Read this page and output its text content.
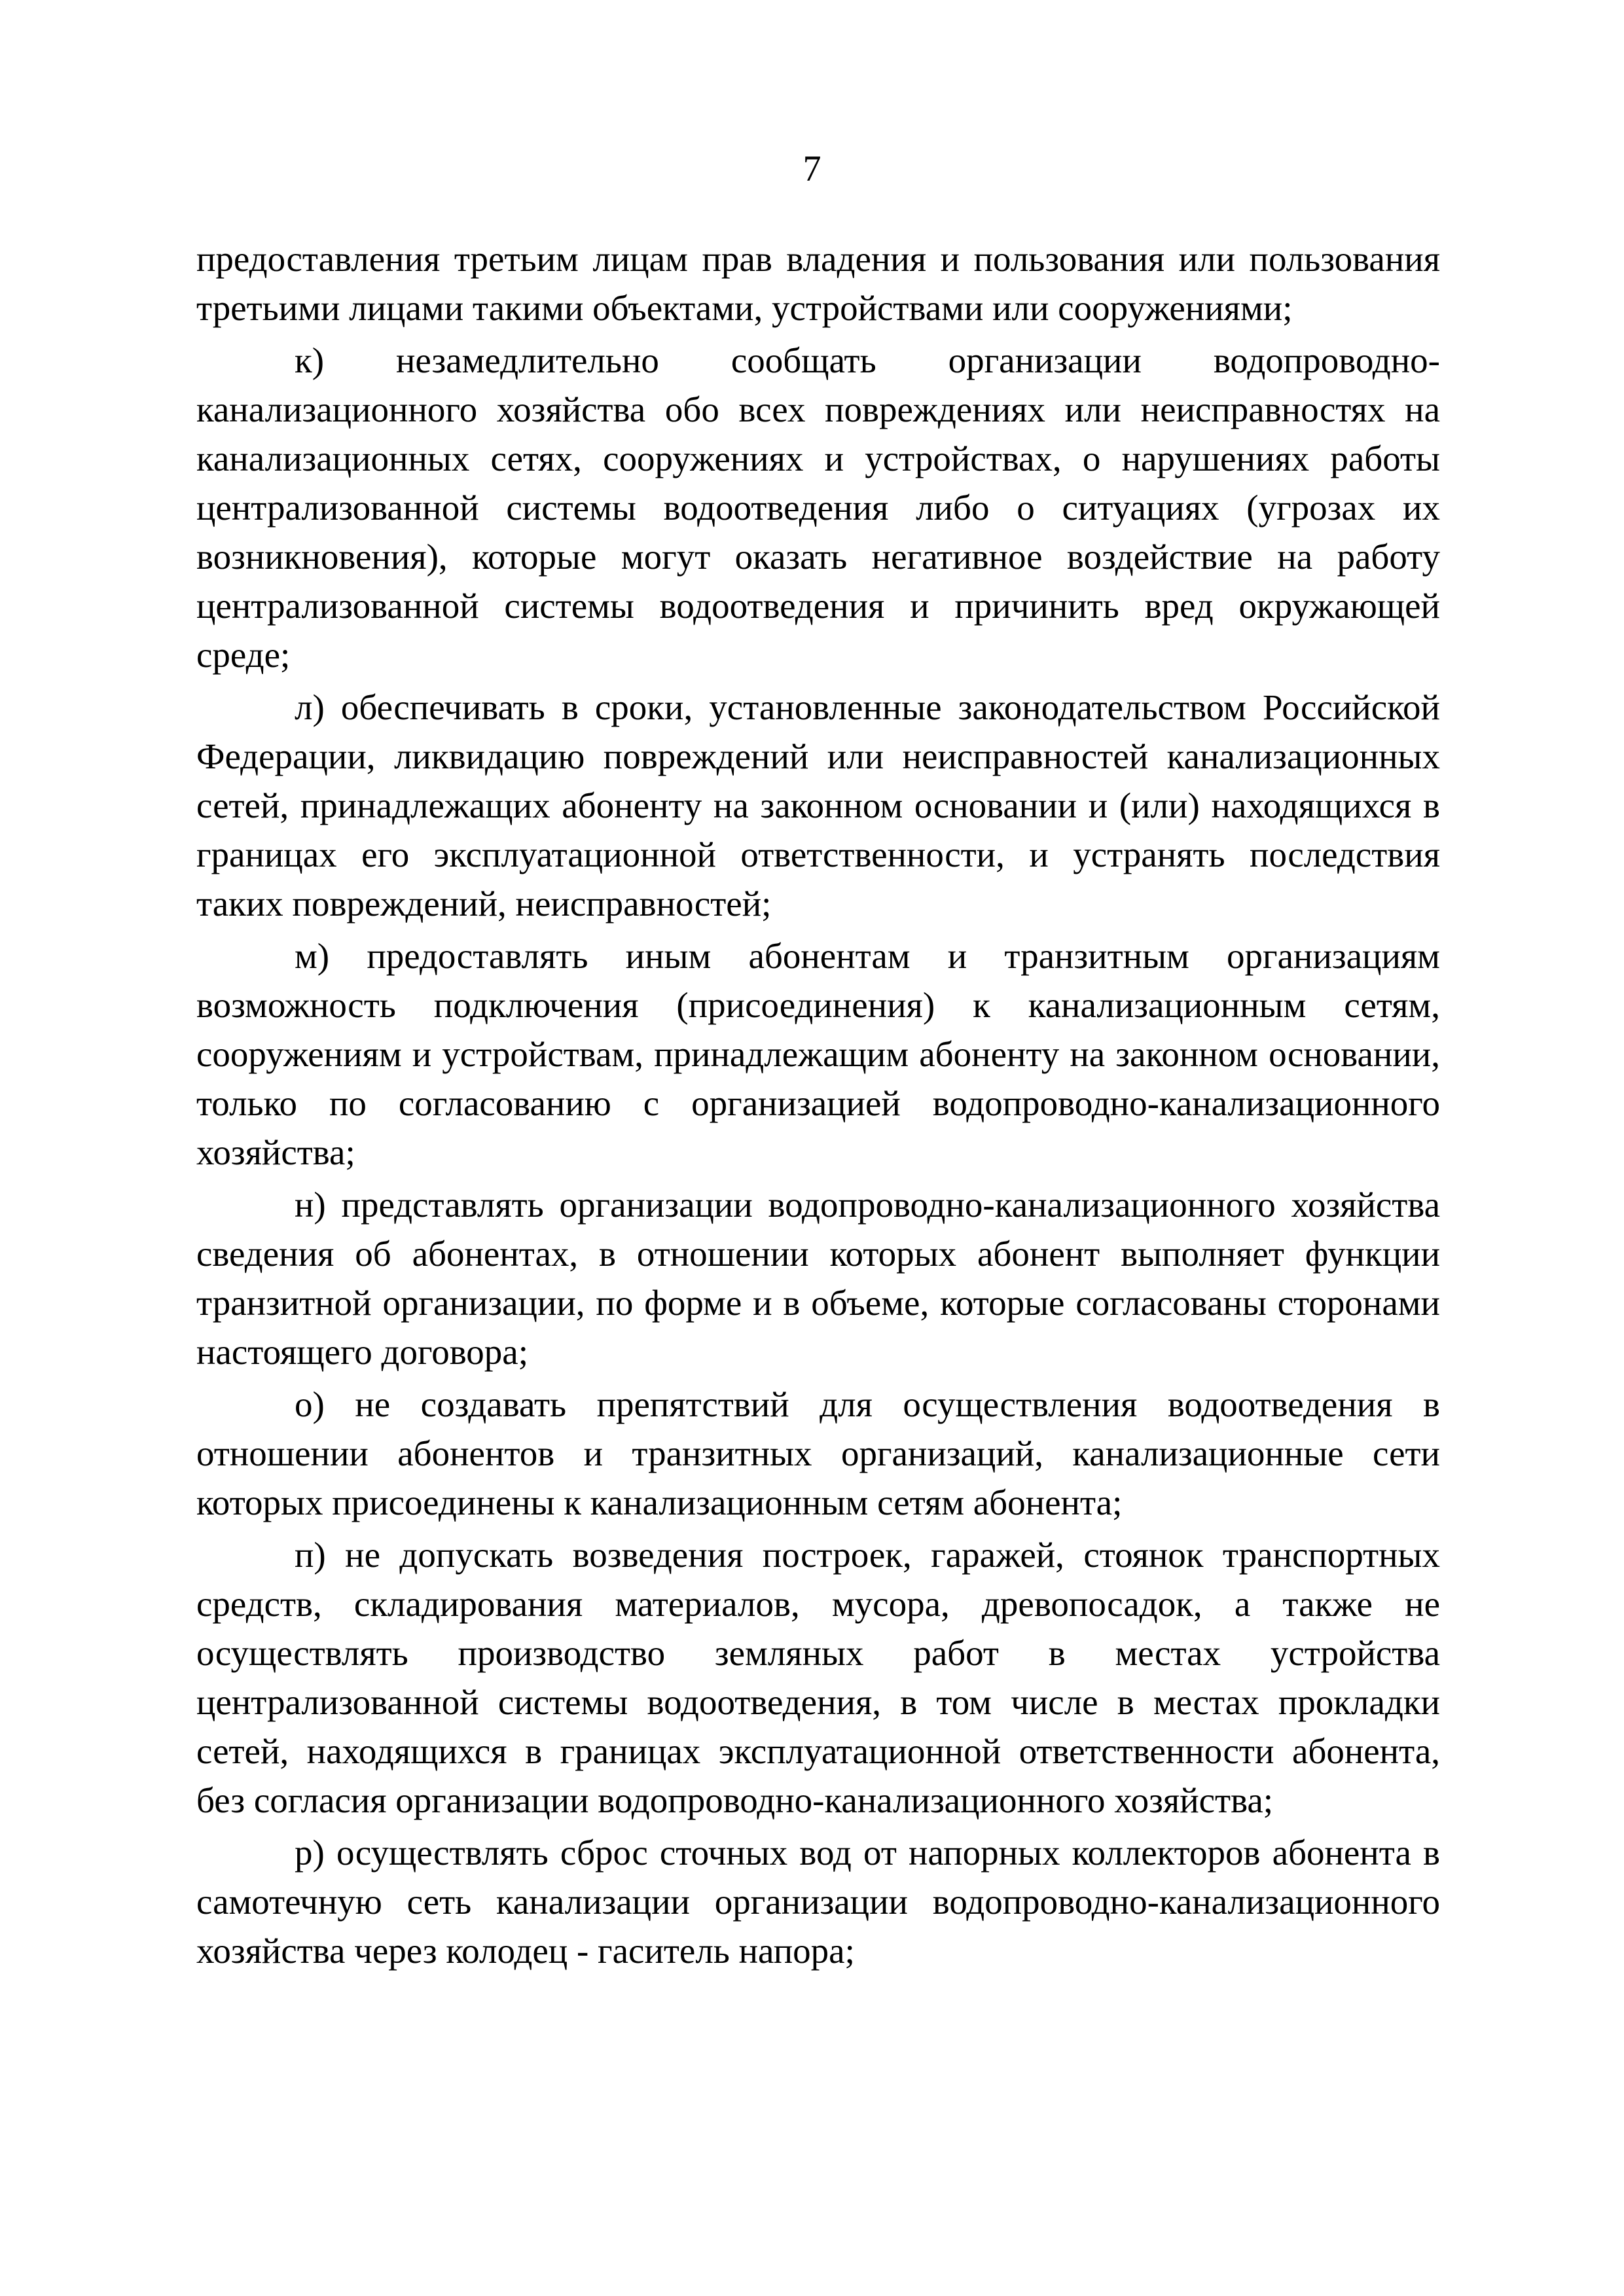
7

предоставления третьим лицам прав владения и пользования или пользования третьими лицами такими объектами, устройствами или сооружениями;

к) незамедлительно сообщать организации водопроводно-канализационного хозяйства обо всех повреждениях или неисправностях на канализационных сетях, сооружениях и устройствах, о нарушениях работы централизованной системы водоотведения либо о ситуациях (угрозах их возникновения), которые могут оказать негативное воздействие на работу централизованной системы водоотведения и причинить вред окружающей среде;

л) обеспечивать в сроки, установленные законодательством Российской Федерации, ликвидацию повреждений или неисправностей канализационных сетей, принадлежащих абоненту на законном основании и (или) находящихся в границах его эксплуатационной ответственности, и устранять последствия таких повреждений, неисправностей;

м) предоставлять иным абонентам и транзитным организациям возможность подключения (присоединения) к канализационным сетям, сооружениям и устройствам, принадлежащим абоненту на законном основании, только по согласованию с организацией водопроводно-канализационного хозяйства;

н) представлять организации водопроводно-канализационного хозяйства сведения об абонентах, в отношении которых абонент выполняет функции транзитной организации, по форме и в объеме, которые согласованы сторонами настоящего договора;

о) не создавать препятствий для осуществления водоотведения в отношении абонентов и транзитных организаций, канализационные сети которых присоединены к канализационным сетям абонента;

п) не допускать возведения построек, гаражей, стоянок транспортных средств, складирования материалов, мусора, древопосадок, а также не осуществлять производство земляных работ в местах устройства централизованной системы водоотведения, в том числе в местах прокладки сетей, находящихся в границах эксплуатационной ответственности абонента, без согласия организации водопроводно-канализационного хозяйства;

р) осуществлять сброс сточных вод от напорных коллекторов абонента в самотечную сеть канализации организации водопроводно-канализационного хозяйства через колодец - гаситель напора;
